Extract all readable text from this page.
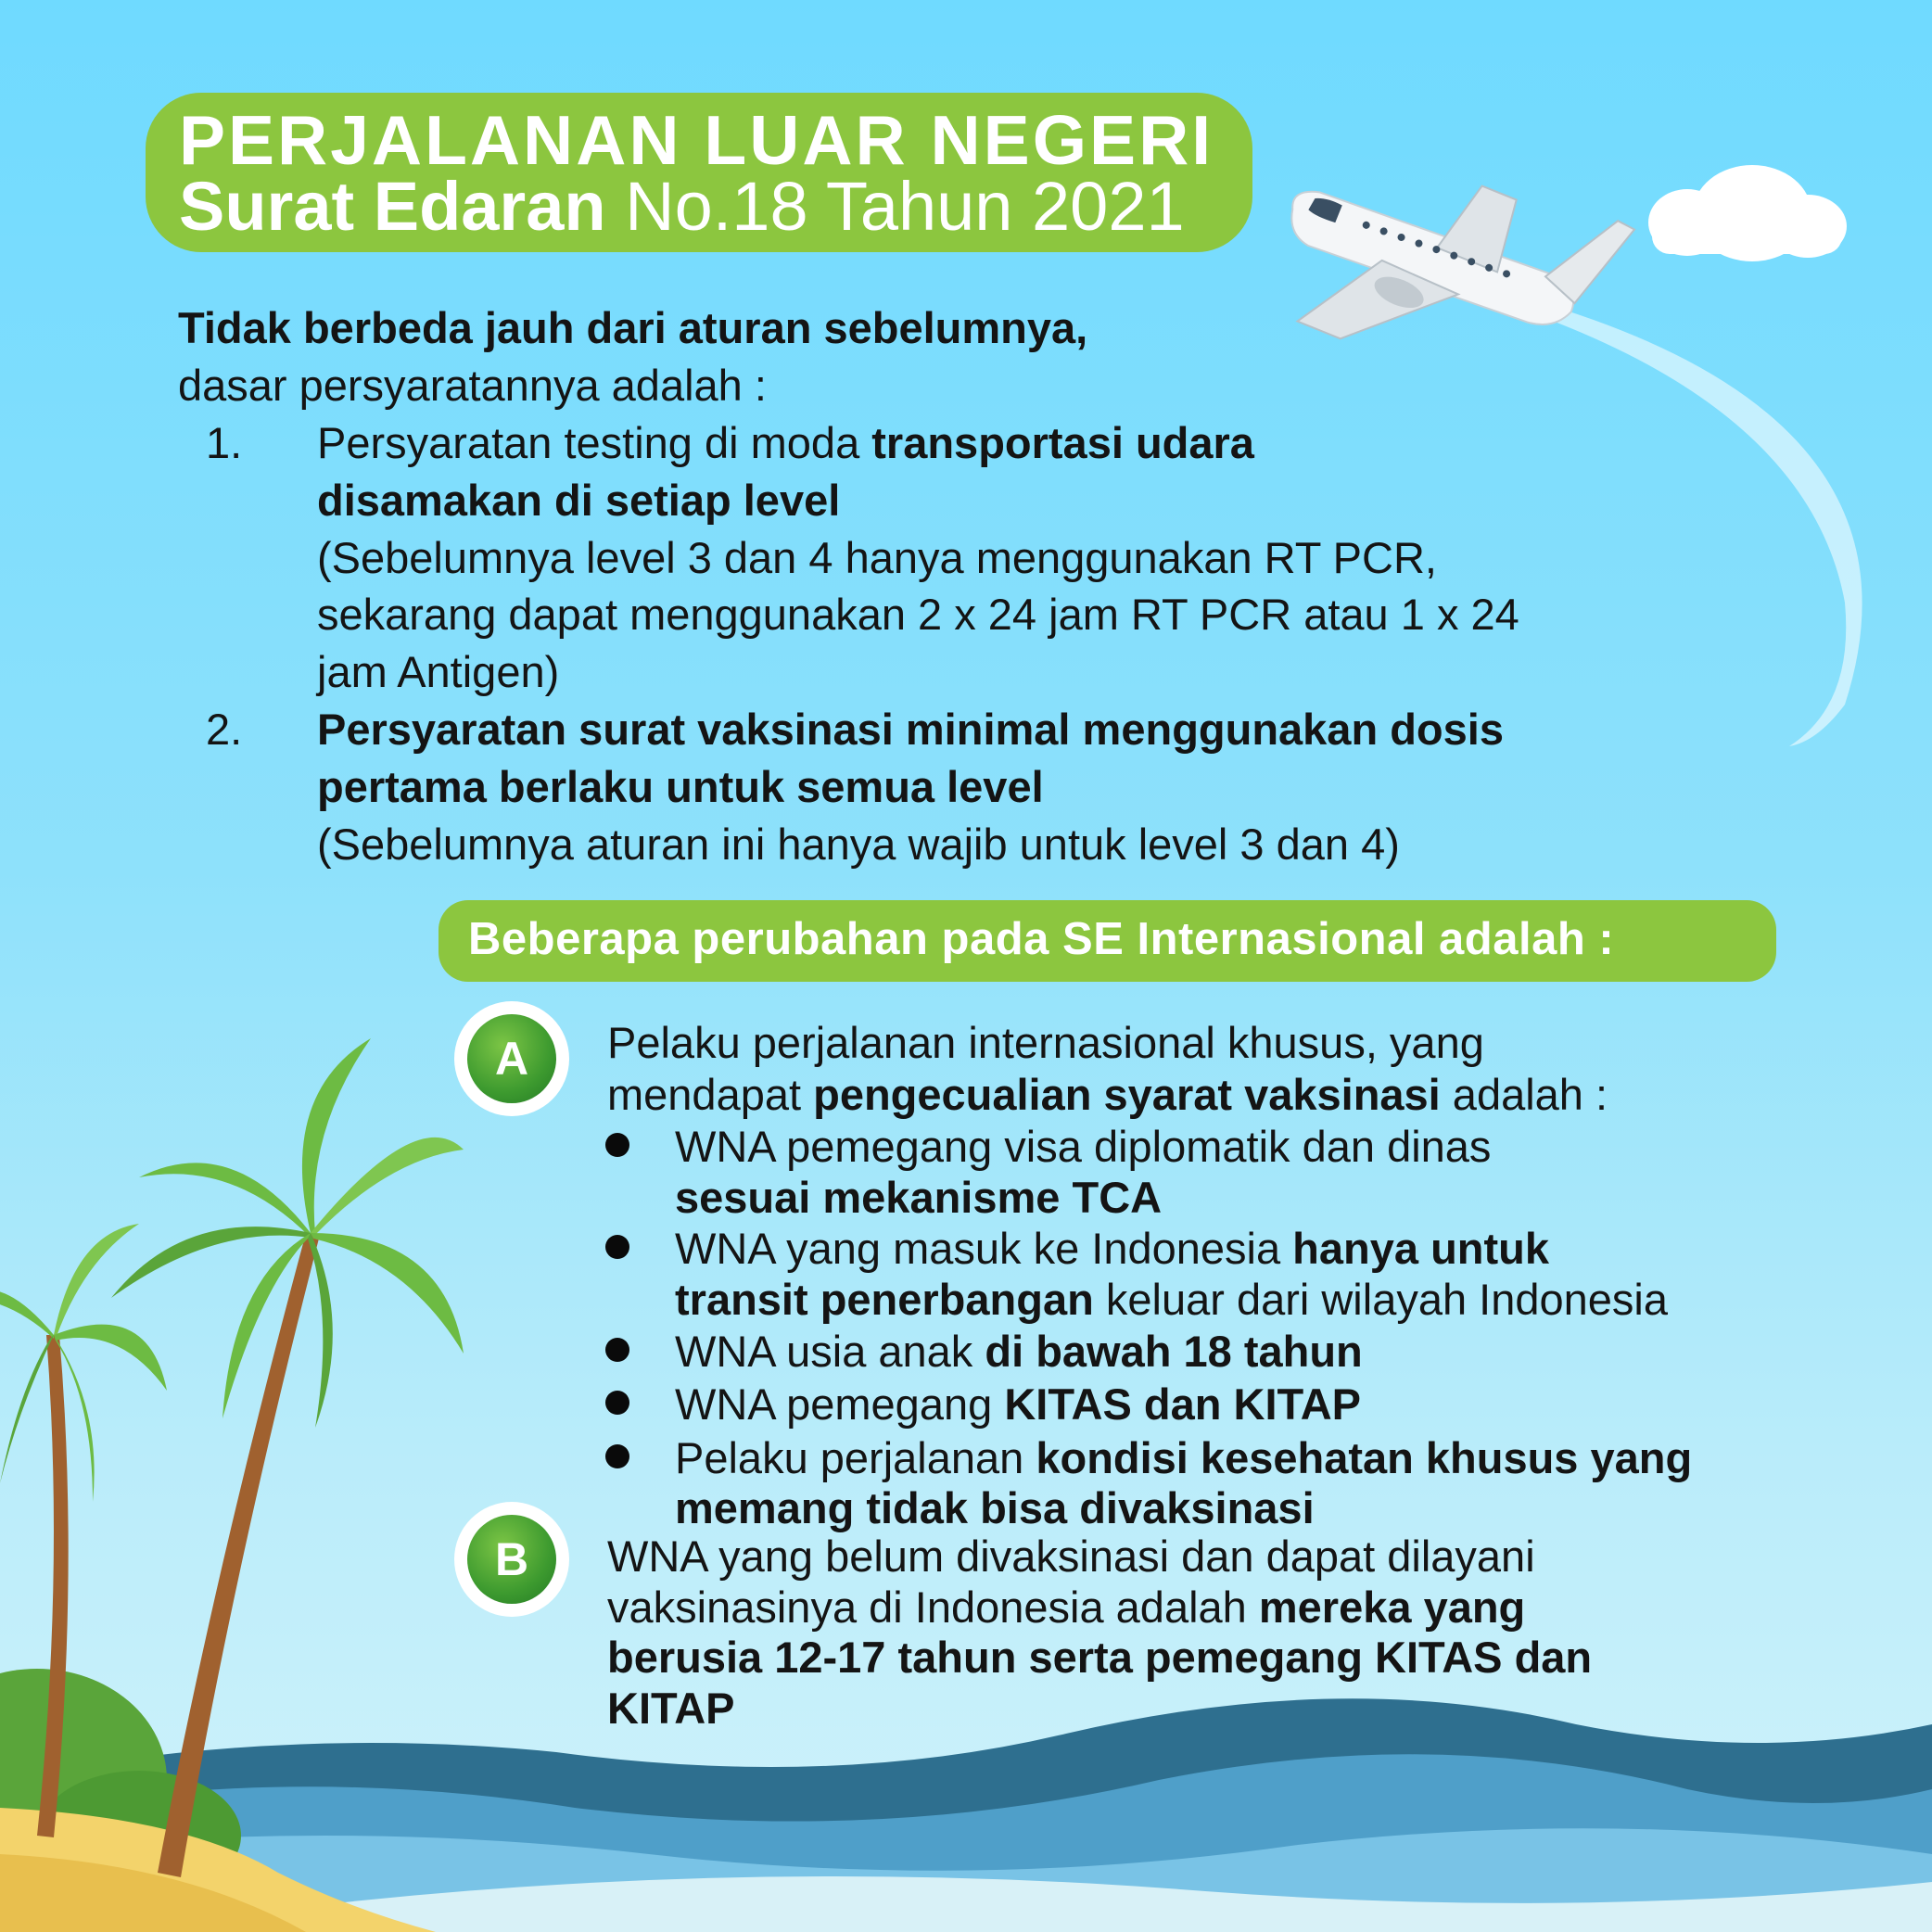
PERJALANAN LUAR NEGERI
Surat Edaran No.18 Tahun 2021
Tidak berbeda jauh dari aturan sebelumnya,
dasar persyaratannya adalah :
1. Persyaratan testing di moda transportasi udara
disamakan di setiap level
(Sebelumnya level 3 dan 4 hanya menggunakan RT PCR,
sekarang dapat menggunakan 2 x 24 jam RT PCR atau 1 x 24
jam Antigen)
2. Persyaratan surat vaksinasi minimal menggunakan dosis
pertama berlaku untuk semua level
(Sebelumnya aturan ini hanya wajib untuk level 3 dan 4)
Beberapa perubahan pada SE Internasional adalah :
A	Pelaku perjalanan internasional khusus, yang
mendapat pengecualian syarat vaksinasi adalah :
WNA pemegang visa diplomatik dan dinas
sesuai mekanisme TCA
WNA yang masuk ke Indonesia hanya untuk
transit penerbangan keluar dari wilayah Indonesia
WNA usia anak di bawah 18 tahun
WNA pemegang KITAS dan KITAP
Pelaku perjalanan kondisi kesehatan khusus yang
memang tidak bisa divaksinasi
B	WNA yang belum divaksinasi dan dapat dilayani
vaksinasinya di Indonesia adalah mereka yang
berusia 12-17 tahun serta pemegang KITAS dan
KITAP
